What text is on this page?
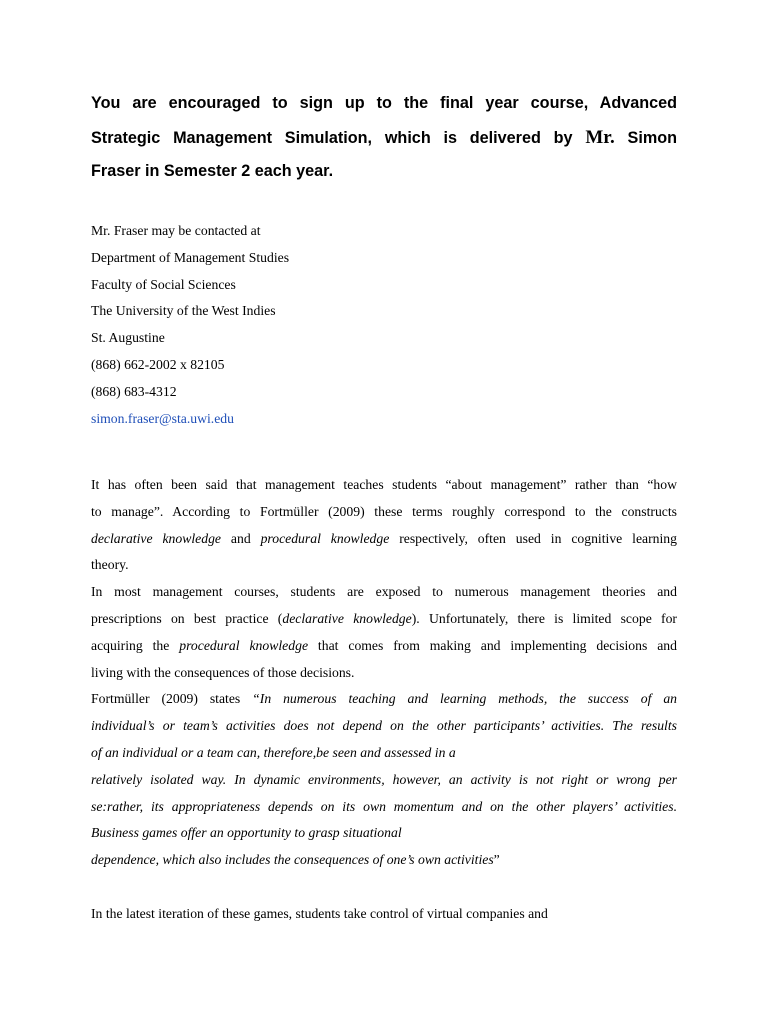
You are encouraged to sign up to the final year course, Advanced
Strategic Management Simulation, which is delivered by Mr. Simon
Fraser in Semester 2 each year.
Mr. Fraser may be contacted at
Department of Management Studies
Faculty of Social Sciences
The University of the West Indies
St. Augustine
(868) 662-2002 x 82105
(868) 683-4312
simon.fraser@sta.uwi.edu
It has often been said that management teaches students “about management” rather than “how
to manage”. According to Fortmüller (2009) these terms roughly correspond to the constructs
declarative knowledge and procedural knowledge respectively, often used in cognitive learning
theory.
In most management courses, students are exposed to numerous management theories and
prescriptions on best practice (declarative knowledge). Unfortunately, there is limited scope for
acquiring the procedural knowledge that comes from making and implementing decisions and
living with the consequences of those decisions.
Fortmüller (2009) states “In numerous teaching and learning methods, the success of an
individual’s or team’s activities does not depend on the other participants’ activities. The results
of an individual or a team can, therefore,be seen and assessed in a
relatively isolated way. In dynamic environments, however, an activity is not right or wrong per
se:rather, its appropriateness depends on its own momentum and on the other players’ activities.
Business games offer an opportunity to grasp situational
dependence, which also includes the consequences of one’s own activities”
In the latest iteration of these games, students take control of virtual companies and
